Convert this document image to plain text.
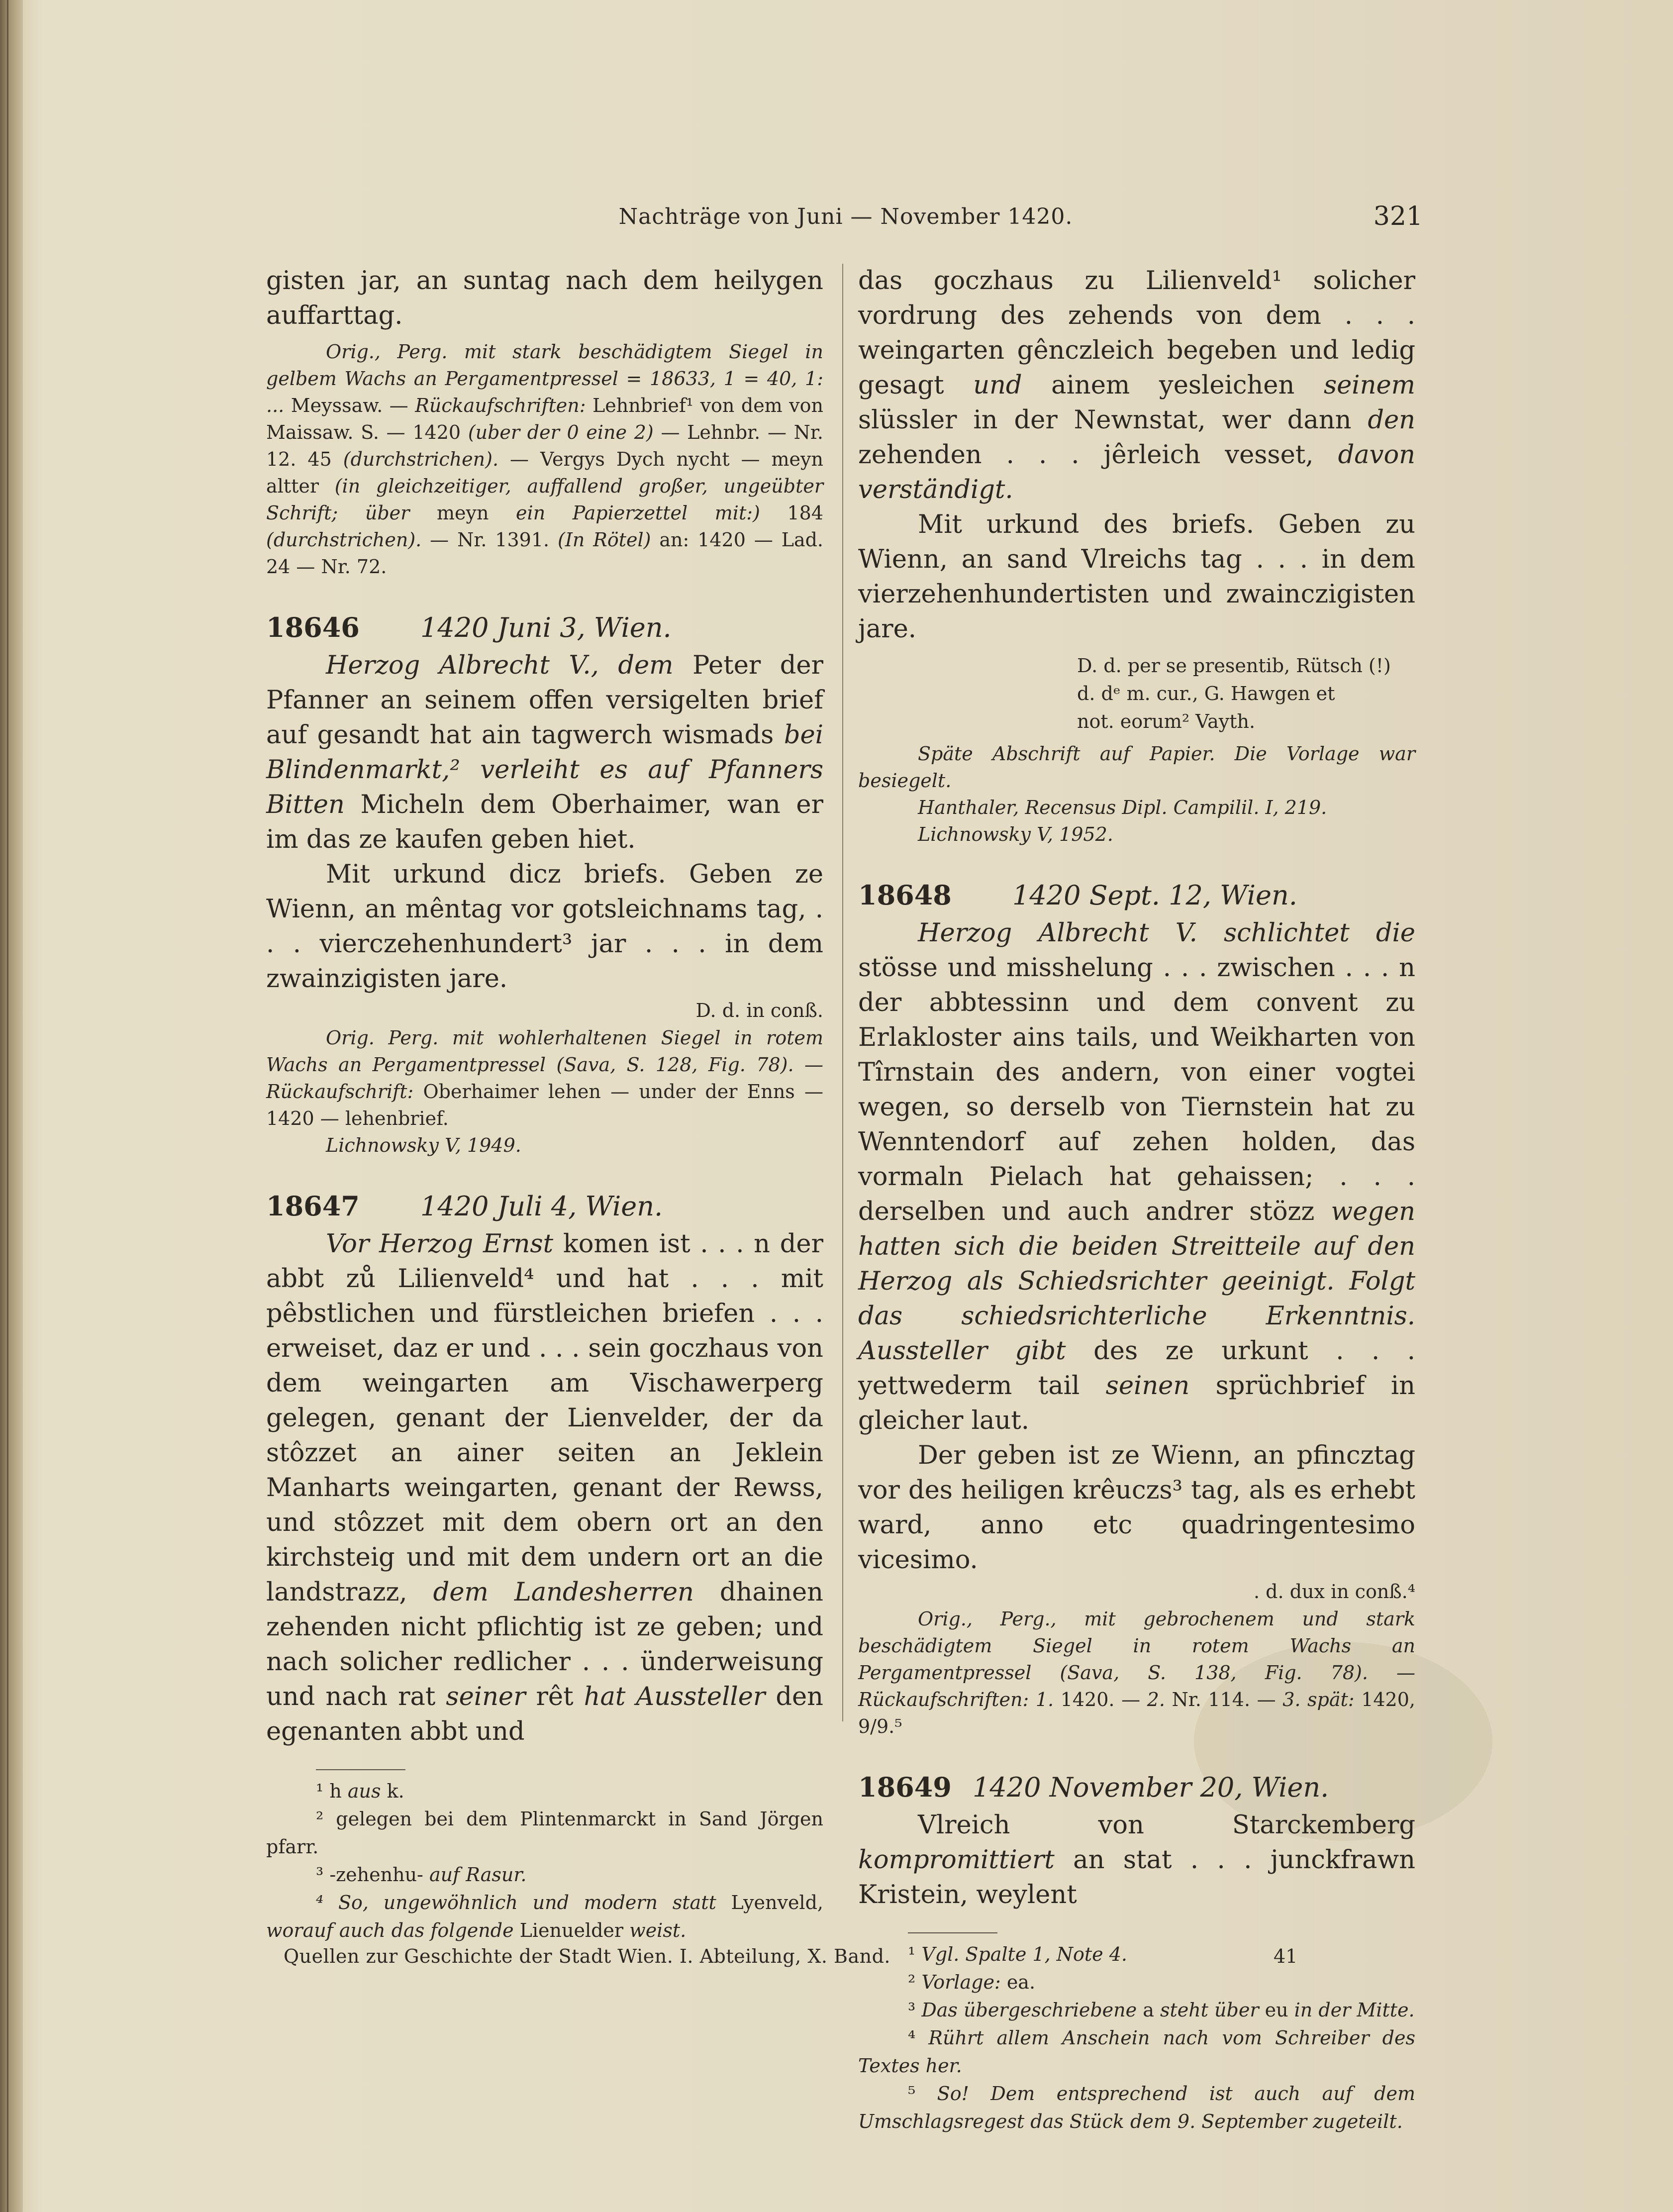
Nachträge von Juni — November 1420.	321

gisten jar, an suntag nach dem heilygen auffarttag.

Orig., Perg. mit stark beschädigtem Siegel in gelbem Wachs an Pergamentpressel = 18633, 1 = 40, 1: ... Meyssaw. — Rückaufschriften: Lehnbrief¹ von dem von Maissaw. S. — 1420 (uber der 0 eine 2) — Lehnbr. — Nr. 12. 45 (durchstrichen). — Vergys Dych nycht — meyn altter (in gleichzeitiger, auffallend großer, ungeübter Schrift; über meyn ein Papierzettel mit:) 184 (durchstrichen). — Nr. 1391. (In Rötel) an: 1420 — Lad. 24 — Nr. 72.

18646	1420 Juni 3, Wien.

Herzog Albrecht V., dem Peter der Pfanner an seinem offen versigelten brief auf gesandt hat ain tagwerch wismads bei Blindenmarkt,² verleiht es auf Pfanners Bitten Micheln dem Oberhaimer, wan er im das ze kaufen geben hiet.

Mit urkund dicz briefs. Geben ze Wienn, an mêntag vor gotsleichnams tag, . . . vierczehenhundert³ jar . . . in dem zwainzigisten jare.

D. d. in conß.

Orig. Perg. mit wohlerhaltenen Siegel in rotem Wachs an Pergamentpressel (Sava, S. 128, Fig. 78). — Rückaufschrift: Oberhaimer lehen — under der Enns — 1420 — lehenbrief.

Lichnowsky V, 1949.

18647	1420 Juli 4, Wien.

Vor Herzog Ernst komen ist . . . n der abbt zů Lilienveld⁴ und hat . . . mit pêbstlichen und fürstleichen briefen . . . erweiset, daz er und . . . sein goczhaus von dem weingarten am Vischawerperg gelegen, genant der Lienvelder, der da stôzzet an ainer seiten an Jeklein Manharts weingarten, genant der Rewss, und stôzzet mit dem obern ort an den kirchsteig und mit dem undern ort an die landstrazz, dem Landesherren dhainen zehenden nicht pflichtig ist ze geben; und nach solicher redlicher . . . ünderweisung und nach rat seiner rêt hat Aussteller den egenanten abbt und

¹ h aus k.

² gelegen bei dem Plintenmarckt in Sand Jörgen pfarr.

³ -zehenhu- auf Rasur.

⁴ So, ungewöhnlich und modern statt Lyenveld, worauf auch das folgende Lienuelder weist.

das goczhaus zu Lilienveld¹ solicher vordrung des zehends von dem . . . weingarten gênczleich begeben und ledig gesagt und ainem yesleichen seinem slüssler in der Newnstat, wer dann den zehenden . . . jêrleich vesset, davon verständigt.

Mit urkund des briefs. Geben zu Wienn, an sand Vlreichs tag . . . in dem vierzehenhundertisten und zwainczigisten jare.

D. d. per se presentib, Rütsch (!)
d. dᵉ m. cur., G. Hawgen et
not. eorum² Vayth.

Späte Abschrift auf Papier. Die Vorlage war besiegelt.

Hanthaler, Recensus Dipl. Campilil. I, 219.

Lichnowsky V, 1952.

18648	1420 Sept. 12, Wien.

Herzog Albrecht V. schlichtet die stösse und misshelung . . . zwischen . . . n der abbtessinn und dem convent zu Erlakloster ains tails, und Weikharten von Tîrnstain des andern, von einer vogtei wegen, so derselb von Tiernstein hat zu Wenntendorf auf zehen holden, das vormaln Pielach hat gehaissen; . . . derselben und auch andrer stözz wegen hatten sich die beiden Streitteile auf den Herzog als Schiedsrichter geeinigt. Folgt das schiedsrichterliche Erkenntnis. Aussteller gibt des ze urkunt . . . yettwederm tail seinen sprüchbrief in gleicher laut.

Der geben ist ze Wienn, an pfincztag vor des heiligen krêuczs³ tag, als es erhebt ward, anno etc quadringentesimo vicesimo.

. d. dux in conß.⁴

Orig., Perg., mit gebrochenem und stark beschädigtem Siegel in rotem Wachs an Pergamentpressel (Sava, S. 138, Fig. 78). — Rückaufschriften: 1. 1420. — 2. Nr. 114. — 3. spät: 1420, 9/9.⁵

18649 1420 November 20, Wien.

Vlreich von Starckemberg kompromittiert an stat . . . junckfrawn Kristein, weylent

¹ Vgl. Spalte 1, Note 4.

² Vorlage: ea.

³ Das übergeschriebene a steht über eu in der Mitte.

⁴ Rührt allem Anschein nach vom Schreiber des Textes her.

⁵ So! Dem entsprechend ist auch auf dem Umschlagsregest das Stück dem 9. September zugeteilt.

Quellen zur Geschichte der Stadt Wien. I. Abteilung, X. Band.	41
